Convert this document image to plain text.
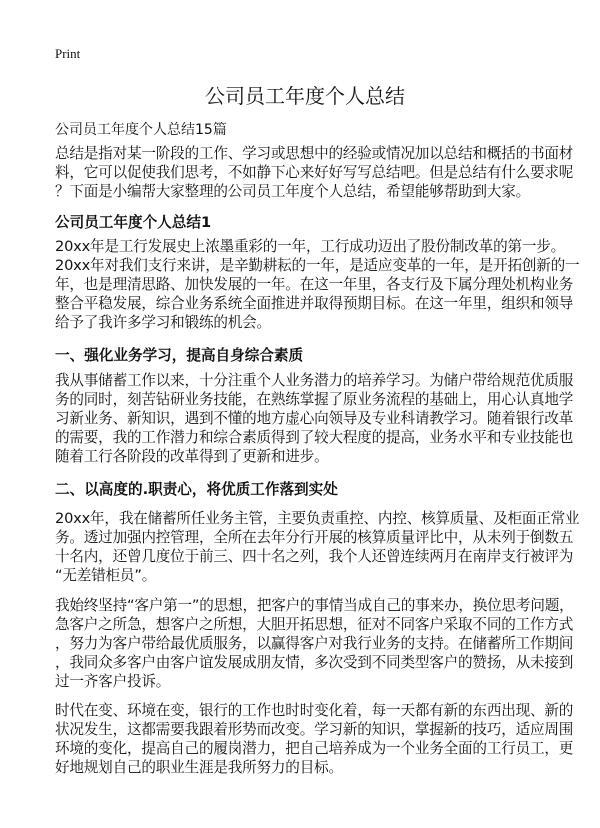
Print
公司员工年度个人总结
公司员工年度个人总结15篇
总结是指对某一阶段的工作、学习或思想中的经验或情况加以总结和概括的书面材
料，它可以促使我们思考，不如静下心来好好写写总结吧。但是总结有什么要求呢
？下面是小编帮大家整理的公司员工年度个人总结，希望能够帮助到大家。
公司员工年度个人总结1
20xx年是工行发展史上浓墨重彩的一年，工行成功迈出了股份制改革的第一步。
20xx年对我们支行来讲，是辛勤耕耘的一年，是适应变革的一年，是开拓创新的一
年，也是理清思路、加快发展的一年。在这一年里，各支行及下属分理处机构业务
整合平稳发展，综合业务系统全面推进并取得预期目标。在这一年里，组织和领导
给予了我许多学习和锻练的机会。
一、强化业务学习，提高自身综合素质
我从事储蓄工作以来，十分注重个人业务潜力的培养学习。为储户带给规范优质服
务的同时，刻苦钻研业务技能，在熟练掌握了原业务流程的基础上，用心认真地学
习新业务、新知识，遇到不懂的地方虚心向领导及专业科请教学习。随着银行改革
的需要，我的工作潜力和综合素质得到了较大程度的提高，业务水平和专业技能也
随着工行各阶段的改革得到了更新和进步。
二、以高度的.职责心，将优质工作落到实处
20xx年，我在储蓄所任业务主管，主要负责重控、内控、核算质量、及柜面正常业
务。透过加强内控管理，全所在去年分行开展的核算质量评比中，从未列于倒数五
十名内，还曾几度位于前三、四十名之列，我个人还曾连续两月在南岸支行被评为
“无差错柜员”。
我始终坚持“客户第一”的思想，把客户的事情当成自己的事来办，换位思考问题，
急客户之所急，想客户之所想，大胆开拓思想，征对不同客户采取不同的工作方式
，努力为客户带给最优质服务，以赢得客户对我行业务的支持。在储蓄所工作期间
，我同众多客户由客户谊发展成朋友情，多次受到不同类型客户的赞扬，从未接到
过一齐客户投诉。
时代在变、环境在变，银行的工作也时时变化着，每一天都有新的东西出现、新的
状况发生，这都需要我跟着形势而改变。学习新的知识，掌握新的技巧，适应周围
环境的变化，提高自己的履岗潜力，把自己培养成为一个业务全面的工行员工，更
好地规划自己的职业生涯是我所努力的目标。
